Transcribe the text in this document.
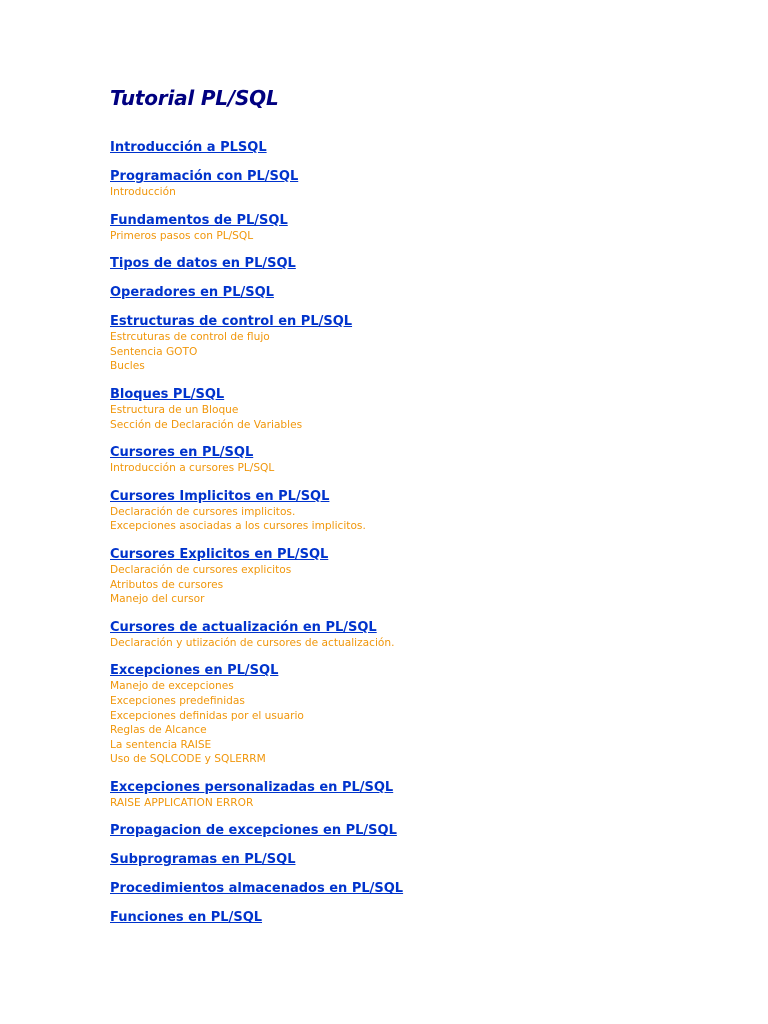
Tutorial PL/SQL
Introducción a PLSQL
Programación con PL/SQL
Introducción
Fundamentos de PL/SQL
Primeros pasos con PL/SQL
Tipos de datos en PL/SQL
Operadores en PL/SQL
Estructuras de control en PL/SQL
Estrcuturas de control de flujo
Sentencia GOTO
Bucles
Bloques PL/SQL
Estructura de un Bloque
Sección de Declaración de Variables
Cursores en PL/SQL
Introducción a cursores PL/SQL
Cursores Implicitos en PL/SQL
Declaración de cursores implicitos.
Excepciones asociadas a los cursores implicitos.
Cursores Explicitos en PL/SQL
Declaración de cursores explicitos
Atributos de cursores
Manejo del cursor
Cursores de actualización en PL/SQL
Declaración y utiización de cursores de actualización.
Excepciones en PL/SQL
Manejo de excepciones
Excepciones predefinidas
Excepciones definidas por el usuario
Reglas de Alcance
La sentencia RAISE
Uso de SQLCODE y SQLERRM
Excepciones personalizadas en PL/SQL
RAISE APPLICATION ERROR
Propagacion de excepciones en PL/SQL
Subprogramas en PL/SQL
Procedimientos almacenados en PL/SQL
Funciones en PL/SQL
